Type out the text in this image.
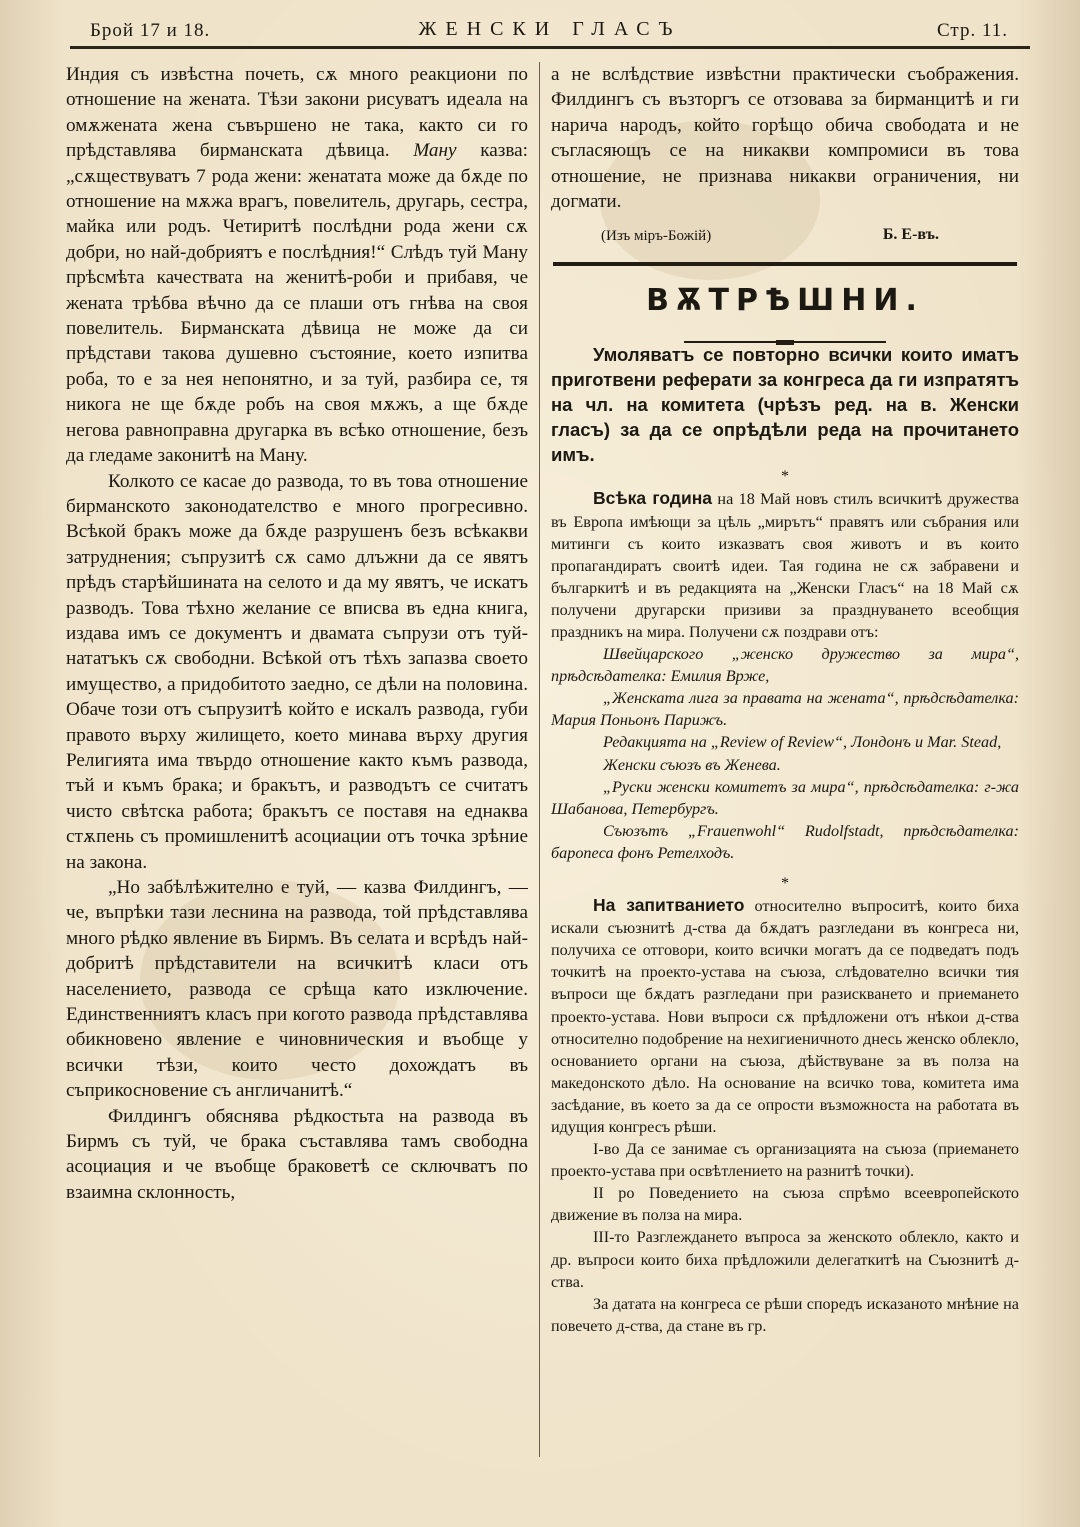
Брой 17 и 18.	ЖЕНСКИ ГЛАСЪ	Стр. 11.

Индия съ извѣстна почеть, сѫ много реакциони по отношение на жената. Тѣзи закони рисуватъ идеала на омѫжената жена съвършено не така, както си го прѣдставлява бирманската дѣвица. Ману казва: „сѫществуватъ 7 рода жени: женатата може да бѫде по отношение на мѫжа врагъ, повелитель, другарь, сестра, майка или родъ. Четиритѣ послѣдни рода жени сѫ добри, но най-добриятъ е послѣдния!“ Слѣдъ туй Ману прѣсмѣта качествата на женитѣ-роби и прибавя, че жената трѣбва вѣчно да се плаши отъ гнѣва на своя повелитель. Бирманската дѣвица не може да си прѣдстави такова душевно състояние, което изпитва роба, то е за нея непонятно, и за туй, разбира се, тя никога не ще бѫде робъ на своя мѫжъ, а ще бѫде негова равноправна другарка въ всѣко отношение, безъ да гледаме законитѣ на Ману.

Колкото се касае до развода, то въ това отношение бирманското законодателство е много прогресивно. Всѣкой бракъ може да бѫде разрушенъ безъ всѣкакви затруднения; съпрузитѣ сѫ само длъжни да се явятъ прѣдъ старѣйшината на селото и да му явятъ, че искатъ разводъ. Това тѣхно желание се вписва въ една книга, издава имъ се документъ и двамата съпрузи отъ туй-нататъкъ сѫ свободни. Всѣкой отъ тѣхъ запазва своето имущество, а придобитото заедно, се дѣли на половина. Обаче този отъ съпрузитѣ който е искалъ развода, губи правото върху жилището, което минава върху другия Религията има твърдо отношение както къмъ развода, тъй и къмъ брака; и бракътъ, и разводътъ се считатъ чисто свѣтска работа; бракътъ се поставя на еднаква стѫпень съ промишленитѣ асоциации отъ точка зрѣние на закона.

„Но забѣлѣжително е туй, — казва Филдингъ, — че, въпрѣки тази леснина на развода, той прѣдставлява много рѣдко явление въ Бирмъ. Въ селата и всрѣдъ най-добритѣ прѣдставители на всичкитѣ класи отъ населението, развода се срѣща като изключение. Единственниятъ класъ при когото развода прѣдставлява обикновено явление е чиновническия и въобще у всички тѣзи, които често дохождатъ въ съприкосновение съ англичанитѣ.“

Филдингъ обяснява рѣдкостьта на развода въ Бирмъ съ туй, че брака съставлява тамъ свободна асоциация и че въобще браковетѣ се сключватъ по взаимна склонность,

а не вслѣдствие извѣстни практически съображения. Филдингъ съ възторгъ се отзовава за бирманцитѣ и ги нарича народъ, който горѣщо обича свободата и не съгласяющъ се на никакви компромиси въ това отношение, не признава никакви ограничения, ни догмати.

(Изъ міръ-Божій)	Б. Е-въ.
ВѪТРѢШНИ.

Умоляватъ се повторно всички които иматъ приготвени реферати за конгреса да ги изпратятъ на чл. на комитета (чрѣзъ ред. на в. Женски гласъ) за да се опрѣдѣли реда на прочитането имъ.

*

Всѣка година на 18 Май новъ стилъ всичкитѣ дружества въ Европа имѣющи за цѣль „мирътъ“ правятъ или събрания или митинги съ които изказватъ своя животъ и въ които пропагандиратъ своитѣ идеи. Тая година не сѫ забравени и българкитѣ и въ редакцията на „Женски Гласъ“ на 18 Май сѫ получени другарски призиви за празднуването всеобщия праздникъ на мира. Получени сѫ поздрави отъ:

Швейцарского „женско дружество за мира“, прѣдсѣдателка: Емилия Врже,

„Женската лига за правата на жената“, прѣдсѣдателка: Мария Поньонъ Парижъ.

Редакцията на „Review of Review“, Лондонъ и Mar. Stead,

Женски съюзъ въ Женева.

„Руски женски комитетъ за мира“, прѣдсѣдателка: г-жа Шабанова, Петербургъ.

Съюзътъ „Frauenwohl“ Rudolfstadt, прѣдсѣдателка: бароneса фонъ Ретелходъ.

*

На запитванието относително въпроситѣ, които биха искали съюзнитѣ д-ства да бѫдатъ разгледани въ конгреса ни, получиха се отговори, които всички могатъ да се подведатъ подъ точкитѣ на проекто-устава на съюза, слѣдователно всички тия въпроси ще бѫдатъ разгледани при разискването и приемането проекто-устава. Нови въпроси сѫ прѣдложени отъ нѣкои д-ства относително подобрение на нехигиеничното днесь женско облекло, основанието органи на съюза, дѣйствуване за въ полза на македонското дѣло. На основание на всичко това, комитета има засѣдание, въ което за да се опрости възможноста на работата въ идущия конгресъ рѣши.

I-во Да се занимае съ организацията на съюза (приемането проекто-устава при освѣтлението на разнитѣ точки).

II ро Поведението на съюза спрѣмо всеевропейското движение въ полза на мира.

III-то Разглеждането въпроса за женското облекло, както и др. въпроси които биха прѣдложили делегаткитѣ на Съюзнитѣ д-ства.

За датата на конгреса се рѣши споредъ исказаното мнѣние на повечето д-ства, да стане въ гр.
